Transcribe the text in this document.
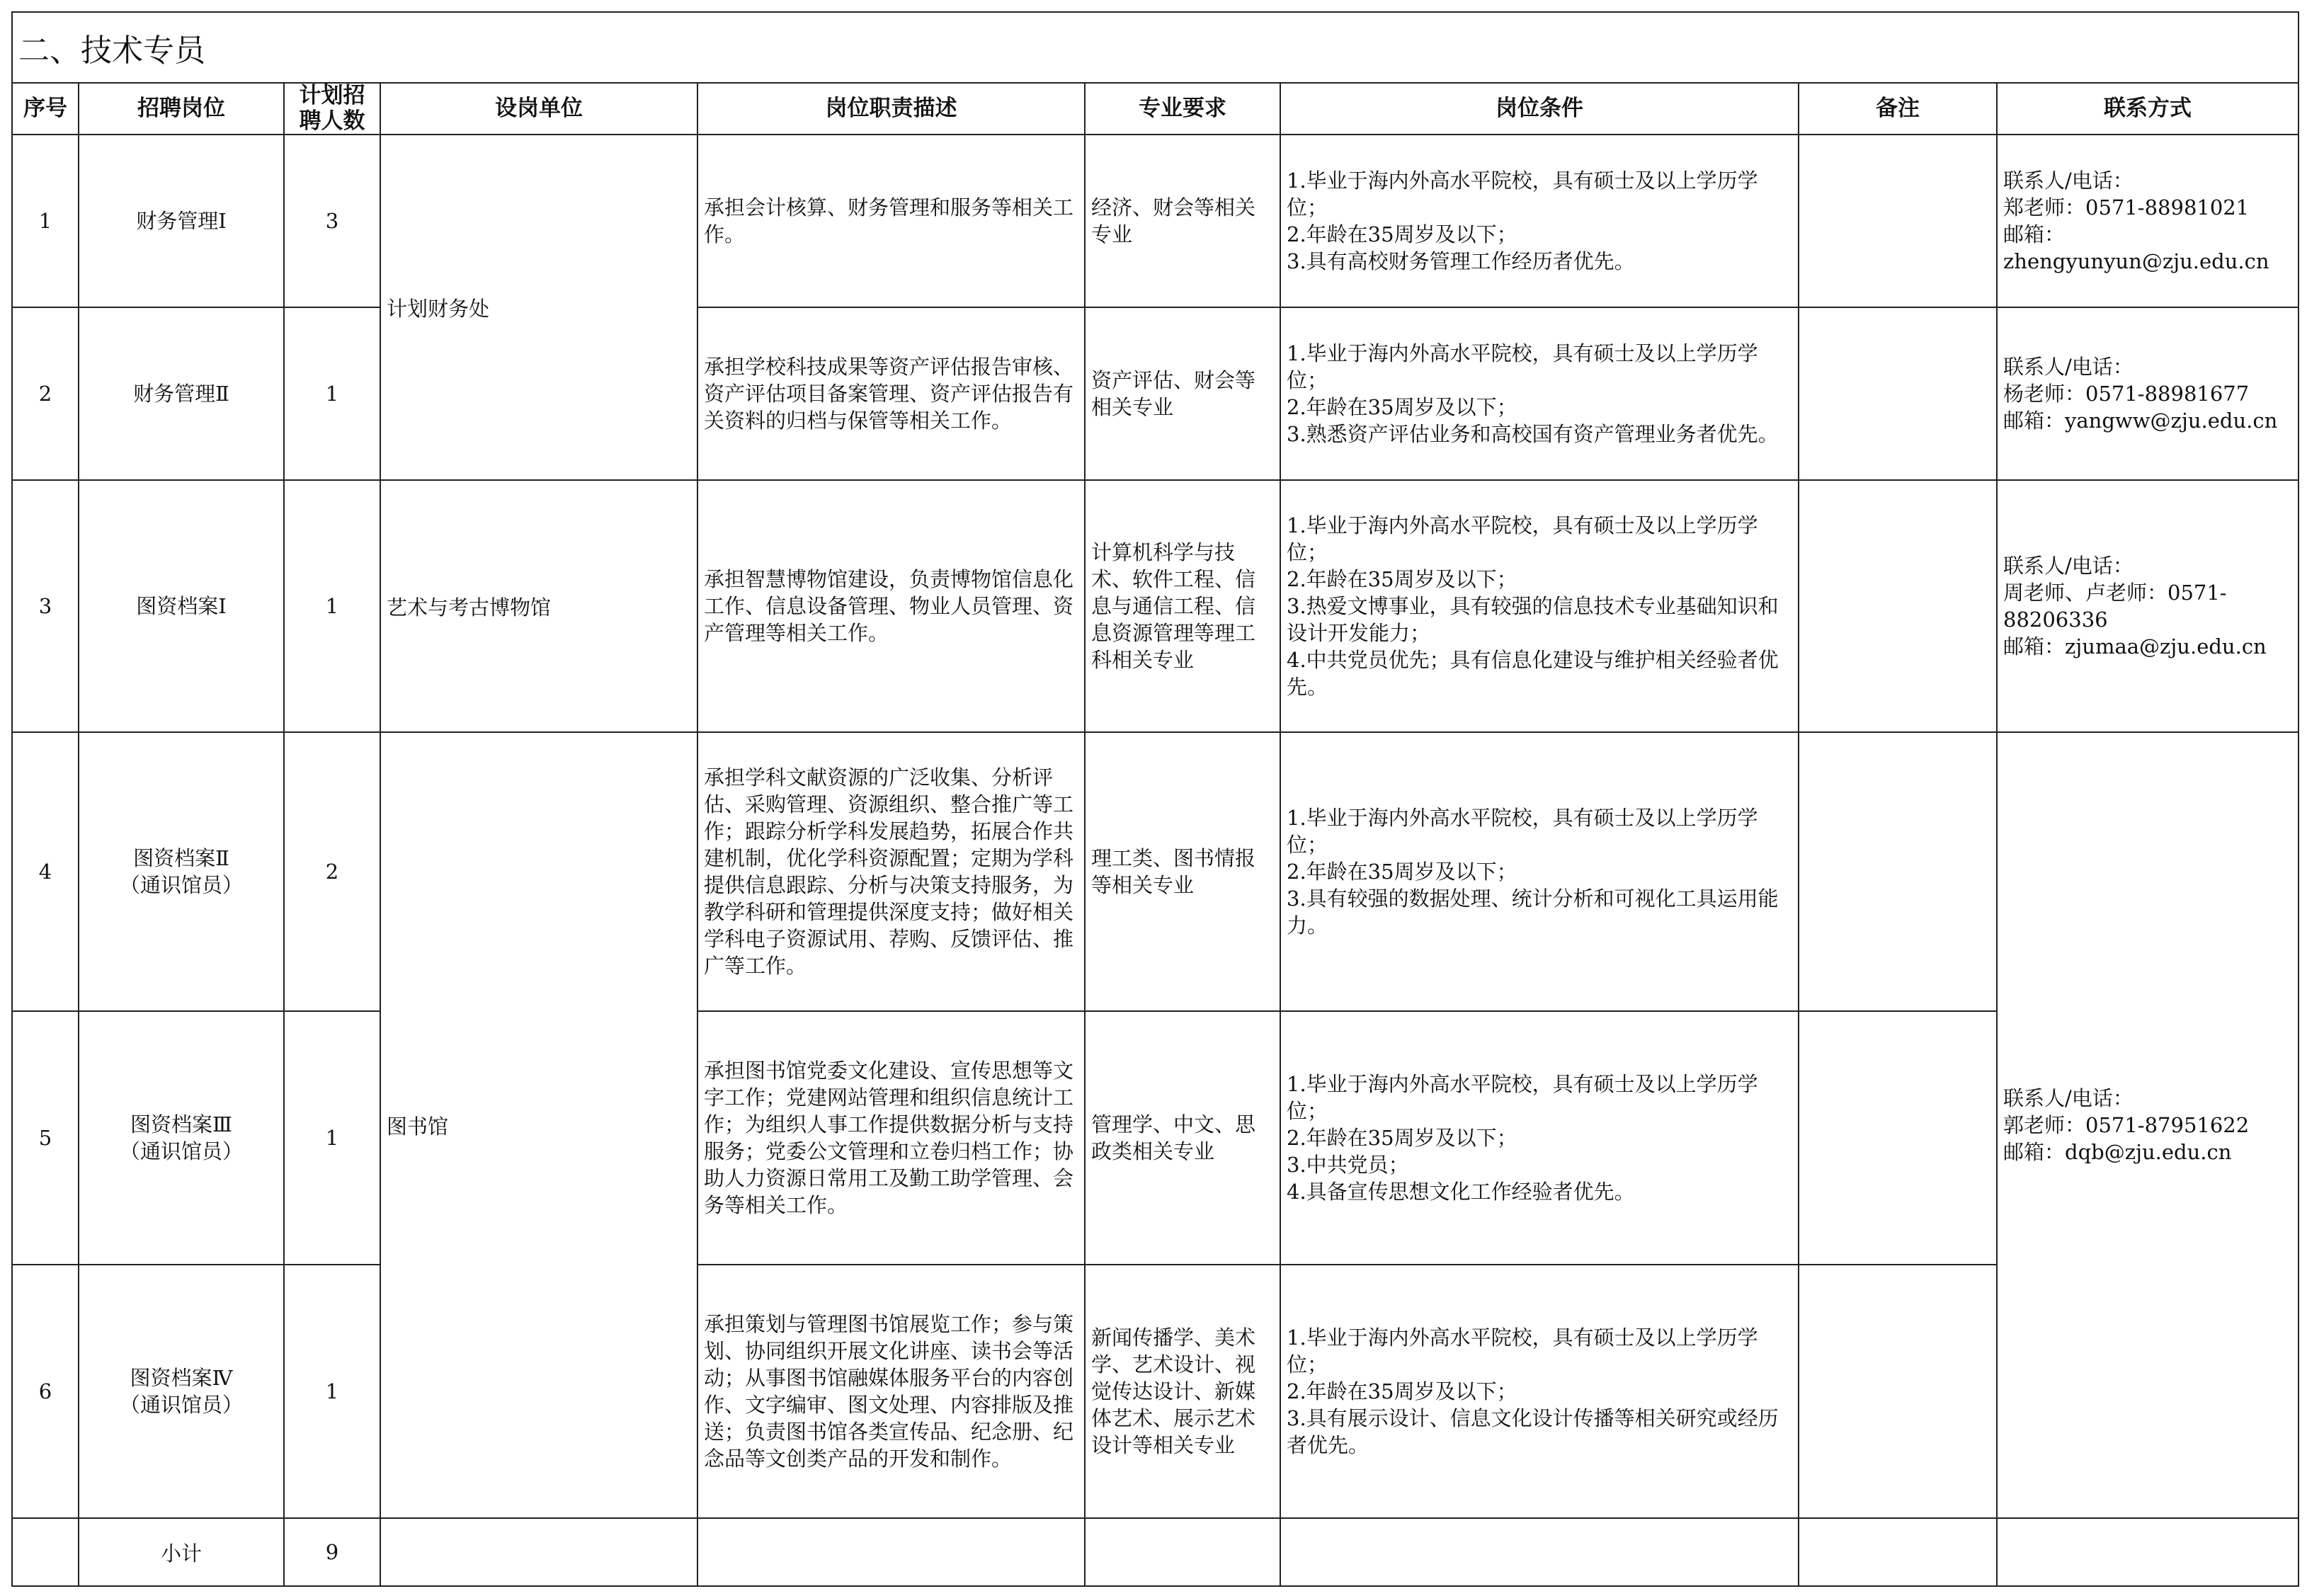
二、技术专员								
序号	招聘岗位	计划招聘人数	设岗单位	岗位职责描述	专业要求	岗位条件	备注	联系方式
1	财务管理Ⅰ	3	计划财务处	承担会计核算、财务管理和服务等相关工作。	经济、财会等相关专业	1.毕业于海内外高水平院校，具有硕士及以上学历学位；
2.年龄在35周岁及以下；
3.具有高校财务管理工作经历者优先。		联系人/电话：
郑老师：0571-88981021
邮箱：
zhengyunyun@zju.edu.cn

2	财务管理Ⅱ	1		承担学校科技成果等资产评估报告审核、资产评估项目备案管理、资产评估报告有关资料的归档与保管等相关工作。	资产评估、财会等相关专业	1.毕业于海内外高水平院校，具有硕士及以上学历学位；
2.年龄在35周岁及以下；
3.熟悉资产评估业务和高校国有资产管理业务者优先。		联系人/电话：
杨老师：0571-88981677
邮箱：yangww@zju.edu.cn

3	图资档案Ⅰ	1	艺术与考古博物馆	承担智慧博物馆建设，负责博物馆信息化工作、信息设备管理、物业人员管理、资产管理等相关工作。	计算机科学与技术、软件工程、信息与通信工程、信息资源管理等理工科相关专业	1.毕业于海内外高水平院校，具有硕士及以上学历学位；
2.年龄在35周岁及以下；
3.热爱文博事业，具有较强的信息技术专业基础知识和设计开发能力；
4.中共党员优先；具有信息化建设与维护相关经验者优先。		联系人/电话：
周老师、卢老师：0571-88206336
邮箱：zjumaa@zju.edu.cn

4	图资档案Ⅱ
（通识馆员）	2	图书馆	承担学科文献资源的广泛收集、分析评估、采购管理、资源组织、整合推广等工作；跟踪分析学科发展趋势，拓展合作共建机制，优化学科资源配置；定期为学科提供信息跟踪、分析与决策支持服务，为教学科研和管理提供深度支持；做好相关学科电子资源试用、荐购、反馈评估、推广等工作。	理工类、图书情报等相关专业	1.毕业于海内外高水平院校，具有硕士及以上学历学位；
2.年龄在35周岁及以下；
3.具有较强的数据处理、统计分析和可视化工具运用能力。		联系人/电话：
郭老师：0571-87951622
邮箱：dqb@zju.edu.cn

5	图资档案Ⅲ
（通识馆员）	1		承担图书馆党委文化建设、宣传思想等文字工作；党建网站管理和组织信息统计工作；为组织人事工作提供数据分析与支持服务；党委公文管理和立卷归档工作；协助人力资源日常用工及勤工助学管理、会务等相关工作。	管理学、中文、思政类相关专业	1.毕业于海内外高水平院校，具有硕士及以上学历学位；
2.年龄在35周岁及以下；
3.中共党员；
4.具备宣传思想文化工作经验者优先。		

6	图资档案Ⅳ
（通识馆员）	1		承担策划与管理图书馆展览工作；参与策划、协同组织开展文化讲座、读书会等活动；从事图书馆融媒体服务平台的内容创作、文字编审、图文处理、内容排版及推送；负责图书馆各类宣传品、纪念册、纪念品等文创类产品的开发和制作。	新闻传播学、美术学、艺术设计、视觉传达设计、新媒体艺术、展示艺术设计等相关专业	1.毕业于海内外高水平院校，具有硕士及以上学历学位；
2.年龄在35周岁及以下；
3.具有展示设计、信息文化设计传播等相关研究或经历者优先。		

	小计	9						
